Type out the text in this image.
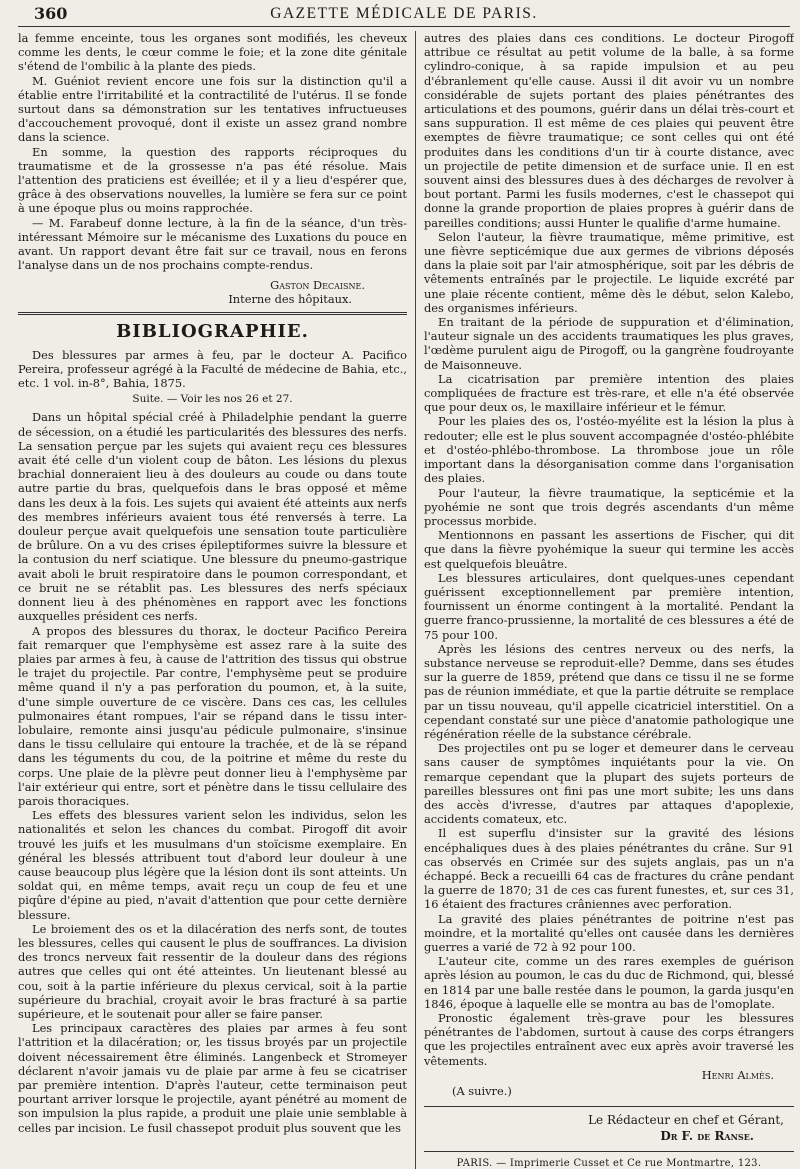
360	GAZETTE MÉDICALE DE PARIS.

la femme enceinte, tous les organes sont modifiés, les cheveux comme les dents, le cœur comme le foie; et la zone dite génitale s'étend de l'ombilic à la plante des pieds.

M. Guéniot revient encore une fois sur la distinction qu'il a établie entre l'irritabilité et la contractilité de l'utérus. Il se fonde surtout dans sa démonstration sur les tentatives infructueuses d'accouchement provoqué, dont il existe un assez grand nombre dans la science.

En somme, la question des rapports réciproques du traumatisme et de la grossesse n'a pas été résolue. Mais l'attention des praticiens est éveillée; et il y a lieu d'espérer que, grâce à des observations nouvelles, la lumière se fera sur ce point à une époque plus ou moins rapprochée.

— M. Farabeuf donne lecture, à la fin de la séance, d'un très-intéressant Mémoire sur le mécanisme des Luxations du pouce en avant. Un rapport devant être fait sur ce travail, nous en ferons l'analyse dans un de nos prochains compte-rendus.

Gaston Decaisne.
Interne des hôpitaux.
BIBLIOGRAPHIE.

Des blessures par armes à feu, par le docteur A. Pacifico Pereira, professeur agrégé à la Faculté de médecine de Bahia, etc., etc. 1 vol. in-8°, Bahia, 1875.

Suite. — Voir les nos 26 et 27.

Dans un hôpital spécial créé à Philadelphie pendant la guerre de sécession, on a étudié les particularités des blessures des nerfs. La sensation perçue par les sujets qui avaient reçu ces blessures avait été celle d'un violent coup de bâton. Les lésions du plexus brachial donneraient lieu à des douleurs au coude ou dans toute autre partie du bras, quelquefois dans le bras opposé et même dans les deux à la fois. Les sujets qui avaient été atteints aux nerfs des membres inférieurs avaient tous été renversés à terre. La douleur perçue avait quelquefois une sensation toute particulière de brûlure. On a vu des crises épileptiformes suivre la blessure et la contusion du nerf sciatique. Une blessure du pneumo-gastrique avait aboli le bruit respiratoire dans le poumon correspondant, et ce bruit ne se rétablit pas. Les blessures des nerfs spéciaux donnent lieu à des phénomènes en rapport avec les fonctions auxquelles président ces nerfs.

A propos des blessures du thorax, le docteur Pacifico Pereira fait remarquer que l'emphysème est assez rare à la suite des plaies par armes à feu, à cause de l'attrition des tissus qui obstrue le trajet du projectile. Par contre, l'emphysème peut se produire même quand il n'y a pas perforation du poumon, et, à la suite, d'une simple ouverture de ce viscère. Dans ces cas, les cellules pulmonaires étant rompues, l'air se répand dans le tissu inter-lobulaire, remonte ainsi jusqu'au pédicule pulmonaire, s'insinue dans le tissu cellulaire qui entoure la trachée, et de là se répand dans les téguments du cou, de la poitrine et même du reste du corps. Une plaie de la plèvre peut donner lieu à l'emphysème par l'air extérieur qui entre, sort et pénètre dans le tissu cellulaire des parois thoraciques.

Les effets des blessures varient selon les individus, selon les nationalités et selon les chances du combat. Pirogoff dit avoir trouvé les juifs et les musulmans d'un stoïcisme exemplaire. En général les blessés attribuent tout d'abord leur douleur à une cause beaucoup plus légère que la lésion dont ils sont atteints. Un soldat qui, en même temps, avait reçu un coup de feu et une piqûre d'épine au pied, n'avait d'attention que pour cette dernière blessure.

Le broiement des os et la dilacération des nerfs sont, de toutes les blessures, celles qui causent le plus de souffrances. La division des troncs nerveux fait ressentir de la douleur dans des régions autres que celles qui ont été atteintes. Un lieutenant blessé au cou, soit à la partie inférieure du plexus cervical, soit à la partie supérieure du brachial, croyait avoir le bras fracturé à sa partie supérieure, et le soutenait pour aller se faire panser.

Les principaux caractères des plaies par armes à feu sont l'attrition et la dilacération; or, les tissus broyés par un projectile doivent nécessairement être éliminés. Langenbeck et Stromeyer déclarent n'avoir jamais vu de plaie par arme à feu se cicatriser par première intention. D'après l'auteur, cette terminaison peut pourtant arriver lorsque le projectile, ayant pénétré au moment de son impulsion la plus rapide, a produit une plaie unie semblable à celles par incision. Le fusil chassepot produit plus souvent que les

autres des plaies dans ces conditions. Le docteur Pirogoff attribue ce résultat au petit volume de la balle, à sa forme cylindro-conique, à sa rapide impulsion et au peu d'ébranlement qu'elle cause. Aussi il dit avoir vu un nombre considérable de sujets portant des plaies pénétrantes des articulations et des poumons, guérir dans un délai très-court et sans suppuration. Il est même de ces plaies qui peuvent être exemptes de fièvre traumatique; ce sont celles qui ont été produites dans les conditions d'un tir à courte distance, avec un projectile de petite dimension et de surface unie. Il en est souvent ainsi des blessures dues à des décharges de revolver à bout portant. Parmi les fusils modernes, c'est le chassepot qui donne la grande proportion de plaies propres à guérir dans de pareilles conditions; aussi Hunter le qualifie d'arme humaine.

Selon l'auteur, la fièvre traumatique, même primitive, est une fièvre septicémique due aux germes de vibrions déposés dans la plaie soit par l'air atmosphérique, soit par les débris de vêtements entraînés par le projectile. Le liquide excrété par une plaie récente contient, même dès le début, selon Kalebo, des organismes inférieurs.

En traitant de la période de suppuration et d'élimination, l'auteur signale un des accidents traumatiques les plus graves, l'œdème purulent aigu de Pirogoff, ou la gangrène foudroyante de Maisonneuve.

La cicatrisation par première intention des plaies compliquées de fracture est très-rare, et elle n'a été observée que pour deux os, le maxillaire inférieur et le fémur.

Pour les plaies des os, l'ostéo-myélite est la lésion la plus à redouter; elle est le plus souvent accompagnée d'ostéo-phlébite et d'ostéo-phlébo-thrombose. La thrombose joue un rôle important dans la désorganisation comme dans l'organisation des plaies.

Pour l'auteur, la fièvre traumatique, la septicémie et la pyohémie ne sont que trois degrés ascendants d'un même processus morbide.

Mentionnons en passant les assertions de Fischer, qui dit que dans la fièvre pyohémique la sueur qui termine les accès est quelquefois bleuâtre.

Les blessures articulaires, dont quelques-unes cependant guérissent exceptionnellement par première intention, fournissent un énorme contingent à la mortalité. Pendant la guerre franco-prussienne, la mortalité de ces blessures a été de 75 pour 100.

Après les lésions des centres nerveux ou des nerfs, la substance nerveuse se reproduit-elle? Demme, dans ses études sur la guerre de 1859, prétend que dans ce tissu il ne se forme pas de réunion immédiate, et que la partie détruite se remplace par un tissu nouveau, qu'il appelle cicatriciel interstitiel. On a cependant constaté sur une pièce d'anatomie pathologique une régénération réelle de la substance cérébrale.

Des projectiles ont pu se loger et demeurer dans le cerveau sans causer de symptômes inquiétants pour la vie. On remarque cependant que la plupart des sujets porteurs de pareilles blessures ont fini pas une mort subite; les uns dans des accès d'ivresse, d'autres par attaques d'apoplexie, accidents comateux, etc.

Il est superflu d'insister sur la gravité des lésions encéphaliques dues à des plaies pénétrantes du crâne. Sur 91 cas observés en Crimée sur des sujets anglais, pas un n'a échappé. Beck a recueilli 64 cas de fractures du crâne pendant la guerre de 1870; 31 de ces cas furent funestes, et, sur ces 31, 16 étaient des fractures crâniennes avec perforation.

La gravité des plaies pénétrantes de poitrine n'est pas moindre, et la mortalité qu'elles ont causée dans les dernières guerres a varié de 72 à 92 pour 100.

L'auteur cite, comme un des rares exemples de guérison après lésion au poumon, le cas du duc de Richmond, qui, blessé en 1814 par une balle restée dans le poumon, la garda jusqu'en 1846, époque à laquelle elle se montra au bas de l'omoplate.

Pronostic également très-grave pour les blessures pénétrantes de l'abdomen, surtout à cause des corps étrangers que les projectiles entraînent avec eux après avoir traversé les vêtements.

Henri Almès.
(A suivre.)
Le Rédacteur en chef et Gérant,
Dr F. de Ranse.
PARIS. — Imprimerie Cusset et Ce rue Montmartre, 123.
